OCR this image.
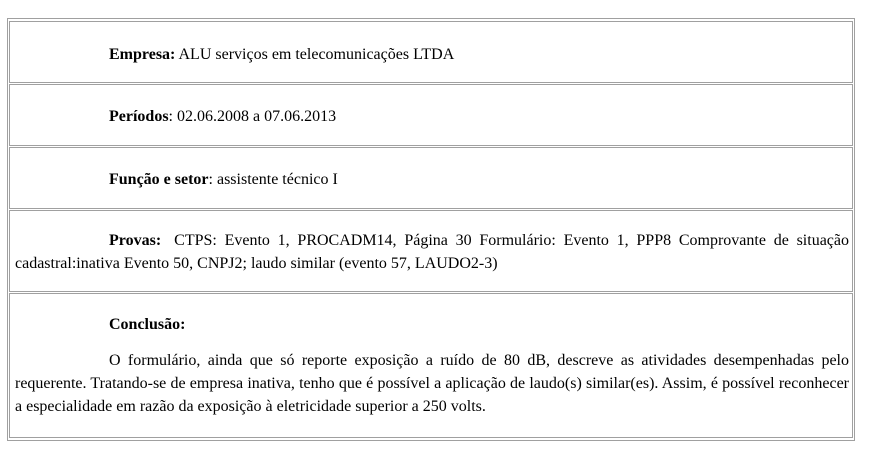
Empresa: ALU serviços em telecomunicações LTDA
Períodos: 02.06.2008 a 07.06.2013
Função e setor: assistente técnico I

Provas: CTPS: Evento 1, PROCADM14, Página 30 Formulário: Evento 1, PPP8 Comprovante de situação cadastral:inativa Evento 50, CNPJ2; laudo similar (evento 57, LAUDO2-3)

Conclusão:

O formulário, ainda que só reporte exposição a ruído de 80 dB, descreve as atividades desempenhadas pelo requerente. Tratando-se de empresa inativa, tenho que é possível a aplicação de laudo(s) similar(es). Assim, é possível reconhecer a especialidade em razão da exposição à eletricidade superior a 250 volts.
